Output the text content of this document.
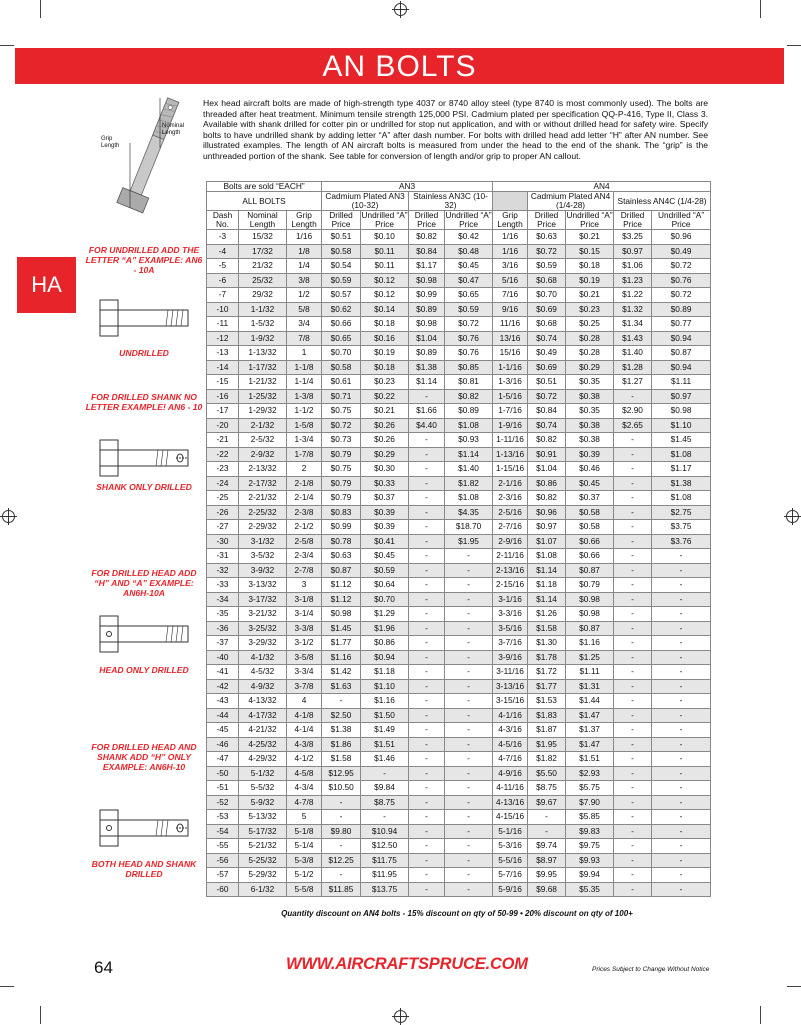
AN BOLTS
HA
Grip
Length
Nominal
Length
Hex head aircraft bolts are made of high-strength type 4037 or 8740 alloy steel (type 8740 is most commonly used). The bolts are threaded after heat treatment. Minimum tensile strength 125,000 PSI. Cadmium plated per specification QQ-P-416, Type II, Class 3. Available with shank drilled for cotter pin or undrilled for stop nut application, and with or without drilled head for safety wire. Specify bolts to have undrilled shank by adding letter “A” after dash number. For bolts with drilled head add letter “H” after AN number. See illustrated examples. The length of AN aircraft bolts is measured from under the head to the end of the shank. The “grip” is the unthreaded portion of the shank. See table for conversion of length and/or grip to proper AN callout.
FOR UNDRILLED ADD THE LETTER “A” EXAMPLE: AN6 - 10A
UNDRILLED
FOR DRILLED SHANK NO LETTER EXAMPLE! AN6 - 10
SHANK ONLY DRILLED
FOR DRILLED HEAD ADD “H” AND “A” EXAMPLE: AN6H-10A
HEAD ONLY DRILLED
FOR DRILLED HEAD AND SHANK ADD “H” ONLY EXAMPLE: AN6H-10
BOTH HEAD AND SHANK DRILLED
Bolts are sold “EACH”			AN3				AN4				
ALL BOLTS			Cadmium Plated AN3 (10-32)		Stainless AN3C (10-32)			Cadmium Plated AN4 (1/4-28)		Stainless AN4C (1/4-28)	
Dash No.	Nominal Length	Grip Length	Drilled Price	Undrilled “A” Price	Drilled Price	Undrilled “A” Price	Grip Length	Drilled Price	Undrilled “A” Price	Drilled Price	Undrilled “A” Price
-3	15/32	1/16	$0.51	$0.10	$0.82	$0.42	1/16	$0.63	$0.21	$3.25	$0.96
-4	17/32	1/8	$0.58	$0.11	$0.84	$0.48	1/16	$0.72	$0.15	$0.97	$0.49
-5	21/32	1/4	$0.54	$0.11	$1.17	$0.45	3/16	$0.59	$0.18	$1.06	$0.72
-6	25/32	3/8	$0.59	$0.12	$0.98	$0.47	5/16	$0.68	$0.19	$1.23	$0.76
-7	29/32	1/2	$0.57	$0.12	$0.99	$0.65	7/16	$0.70	$0.21	$1.22	$0.72
-10	1-1/32	5/8	$0.62	$0.14	$0.89	$0.59	9/16	$0.69	$0.23	$1.32	$0.89
-11	1-5/32	3/4	$0.66	$0.18	$0.98	$0.72	11/16	$0.68	$0.25	$1.34	$0.77
-12	1-9/32	7/8	$0.65	$0.16	$1.04	$0.76	13/16	$0.74	$0.28	$1.43	$0.94
-13	1-13/32	1	$0.70	$0.19	$0.89	$0.76	15/16	$0.49	$0.28	$1.40	$0.87
-14	1-17/32	1-1/8	$0.58	$0.18	$1.38	$0.85	1-1/16	$0.69	$0.29	$1.28	$0.94
-15	1-21/32	1-1/4	$0.61	$0.23	$1.14	$0.81	1-3/16	$0.51	$0.35	$1.27	$1.11
-16	1-25/32	1-3/8	$0.71	$0.22	-	$0.82	1-5/16	$0.72	$0.38	-	$0.97
-17	1-29/32	1-1/2	$0.75	$0.21	$1.66	$0.89	1-7/16	$0.84	$0.35	$2.90	$0.98
-20	2-1/32	1-5/8	$0.72	$0.26	$4.40	$1.08	1-9/16	$0.74	$0.38	$2.65	$1.10
-21	2-5/32	1-3/4	$0.73	$0.26	-	$0.93	1-11/16	$0.82	$0.38	-	$1.45
-22	2-9/32	1-7/8	$0.79	$0.29	-	$1.14	1-13/16	$0.91	$0.39	-	$1.08
-23	2-13/32	2	$0.75	$0.30	-	$1.40	1-15/16	$1.04	$0.46	-	$1.17
-24	2-17/32	2-1/8	$0.79	$0.33	-	$1.82	2-1/16	$0.86	$0.45	-	$1.38
-25	2-21/32	2-1/4	$0.79	$0.37	-	$1.08	2-3/16	$0.82	$0.37	-	$1.08
-26	2-25/32	2-3/8	$0.83	$0.39	-	$4.35	2-5/16	$0.96	$0.58	-	$2.75
-27	2-29/32	2-1/2	$0.99	$0.39	-	$18.70	2-7/16	$0.97	$0.58	-	$3.75
-30	3-1/32	2-5/8	$0.78	$0.41	-	$1.95	2-9/16	$1.07	$0.66	-	$3.76
-31	3-5/32	2-3/4	$0.63	$0.45	-	-	2-11/16	$1.08	$0.66	-	-
-32	3-9/32	2-7/8	$0.87	$0.59	-	-	2-13/16	$1.14	$0.87	-	-
-33	3-13/32	3	$1.12	$0.64	-	-	2-15/16	$1.18	$0.79	-	-
-34	3-17/32	3-1/8	$1.12	$0.70	-	-	3-1/16	$1.14	$0.98	-	-
-35	3-21/32	3-1/4	$0.98	$1.29	-	-	3-3/16	$1.26	$0.98	-	-
-36	3-25/32	3-3/8	$1.45	$1.96	-	-	3-5/16	$1.58	$0.87	-	-
-37	3-29/32	3-1/2	$1.77	$0.86	-	-	3-7/16	$1.30	$1.16	-	-
-40	4-1/32	3-5/8	$1.16	$0.94	-	-	3-9/16	$1.78	$1.25	-	-
-41	4-5/32	3-3/4	$1.42	$1.18	-	-	3-11/16	$1.72	$1.11	-	-
-42	4-9/32	3-7/8	$1.63	$1.10	-	-	3-13/16	$1.77	$1.31	-	-
-43	4-13/32	4	-	$1.16	-	-	3-15/16	$1.53	$1.44	-	-
-44	4-17/32	4-1/8	$2.50	$1.50	-	-	4-1/16	$1.83	$1.47	-	-
-45	4-21/32	4-1/4	$1.38	$1.49	-	-	4-3/16	$1.87	$1.37	-	-
-46	4-25/32	4-3/8	$1.86	$1.51	-	-	4-5/16	$1.95	$1.47	-	-
-47	4-29/32	4-1/2	$1.58	$1.46	-	-	4-7/16	$1.82	$1.51	-	-
-50	5-1/32	4-5/8	$12.95	-	-	-	4-9/16	$5.50	$2.93	-	-
-51	5-5/32	4-3/4	$10.50	$9.84	-	-	4-11/16	$8.75	$5.75	-	-
-52	5-9/32	4-7/8	-	$8.75	-	-	4-13/16	$9.67	$7.90	-	-
-53	5-13/32	5	-	-	-	-	4-15/16	-	$5.85	-	-
-54	5-17/32	5-1/8	$9.80	$10.94	-	-	5-1/16	-	$9.83	-	-
-55	5-21/32	5-1/4	-	$12.50	-	-	5-3/16	$9.74	$9.75	-	-
-56	5-25/32	5-3/8	$12.25	$11.75	-	-	5-5/16	$8.97	$9.93	-	-
-57	5-29/32	5-1/2	-	$11.95	-	-	5-7/16	$9.95	$9.94	-	-
-60	6-1/32	5-5/8	$11.85	$13.75	-	-	5-9/16	$9.68	$5.35	-	-
Quantity discount on AN4 bolts - 15% discount on qty of 50-99 • 20% discount on qty of 100+
64	WWW.AIRCRAFTSPRUCE.COM	Prices Subject to Change Without Notice
